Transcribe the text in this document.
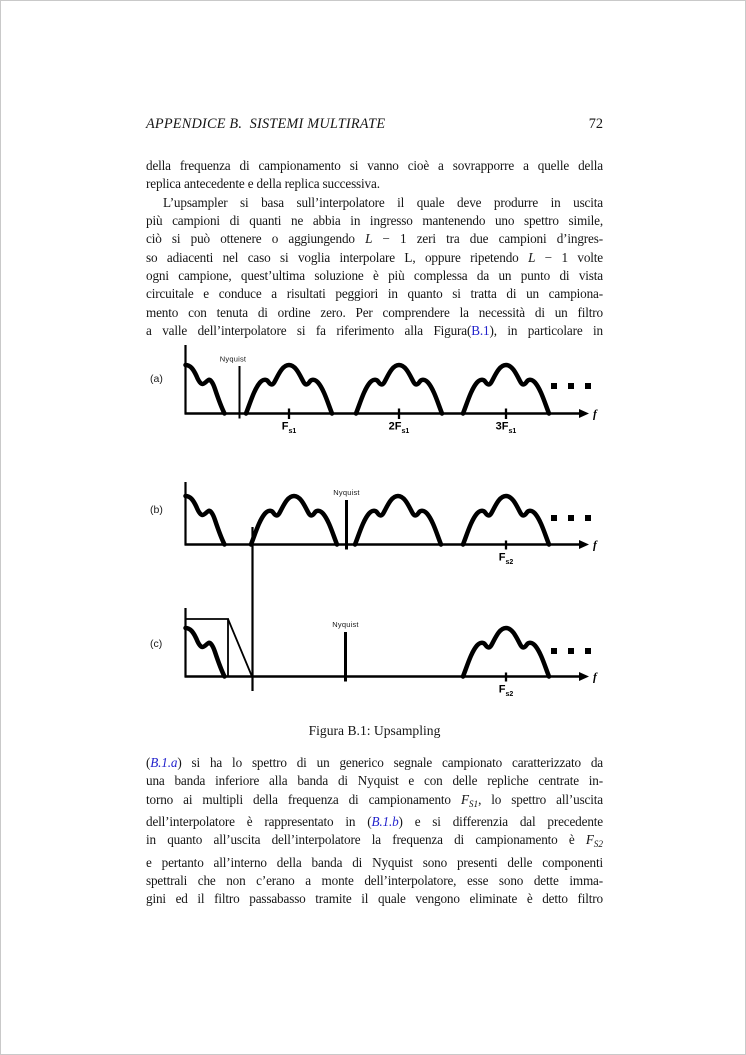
APPENDICE B.  SISTEMI MULTIRATE	72
della frequenza di campionamento si vanno cioè a sovrapporre a quelle della
replica antecedente e della replica successiva.
L’upsampler si basa sull’interpolatore il quale deve produrre in uscita
più campioni di quanti ne abbia in ingresso mantenendo uno spettro simile,
ciò si può ottenere o aggiungendo L − 1 zeri tra due campioni d’ingres-
so adiacenti nel caso si voglia interpolare L, oppure ripetendo L − 1 volte
ogni campione, quest’ultima soluzione è più complessa da un punto di vista
circuitale e conduce a risultati peggiori in quanto si tratta di un campiona-
mento con tenuta di ordine zero. Per comprendere la necessità di un filtro
a valle dell’interpolatore si fa riferimento alla Figura(B.1), in particolare in
(a)
f
Nyquist
$F_{s1}$	$2F_{s1}$	$3F_{s1}$
(b)
f
Nyquist
$F_{s2}$
(c)
f
Nyquist
$F_{s2}$
Figura B.1: Upsampling
(B.1.a) si ha lo spettro di un generico segnale campionato caratterizzato da
una banda inferiore alla banda di Nyquist e con delle repliche centrate in-
torno ai multipli della frequenza di campionamento $F_{S1}$, lo spettro all’uscita
dell’interpolatore è rappresentato in (B.1.b) e si differenzia dal precedente
in quanto all’uscita dell’interpolatore la frequenza di campionamento è $F_{S2}$
e pertanto all’interno della banda di Nyquist sono presenti delle componenti
spettrali che non c’erano a monte dell’interpolatore, esse sono dette imma-
gini ed il filtro passabasso tramite il quale vengono eliminate è detto filtro
